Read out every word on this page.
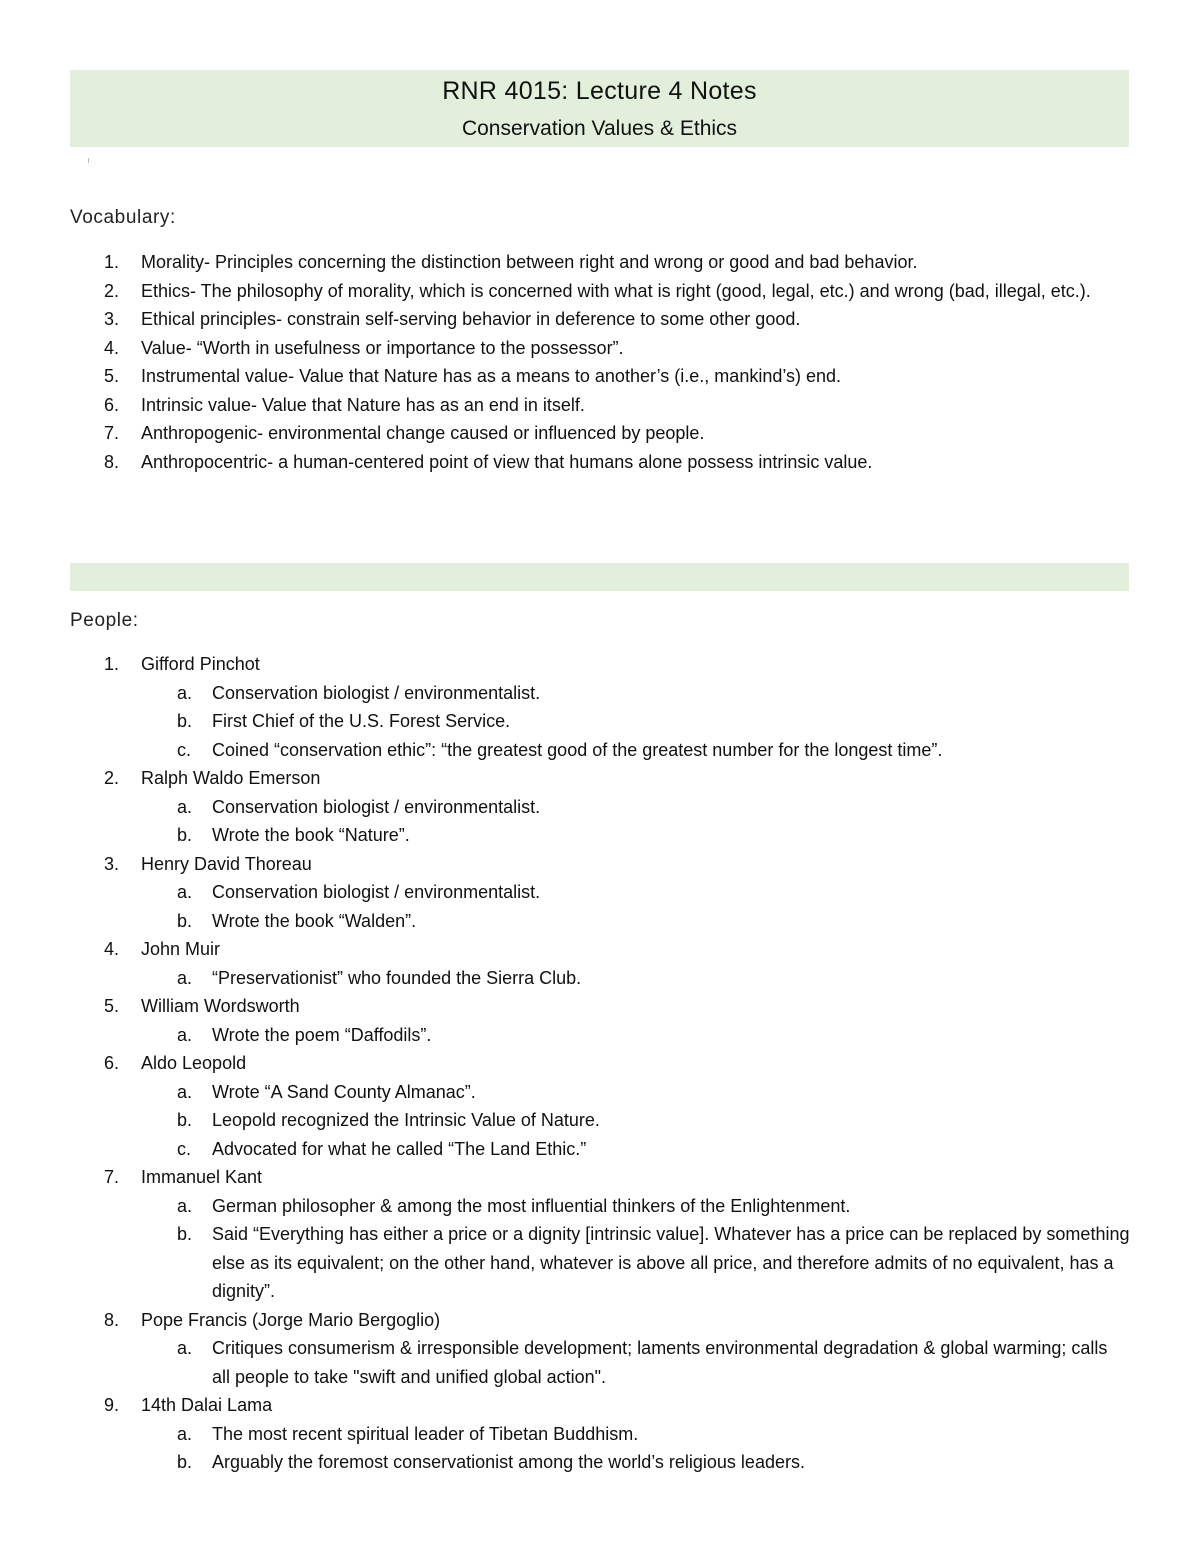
RNR 4015: Lecture 4 Notes
Conservation Values & Ethics
Vocabulary:
1.	Morality- Principles concerning the distinction between right and wrong or good and bad behavior.
2.	Ethics- The philosophy of morality, which is concerned with what is right (good, legal, etc.) and wrong (bad, illegal, etc.).
3.	Ethical principles- constrain self-serving behavior in deference to some other good.
4.	Value- “Worth in usefulness or importance to the possessor”.
5.	Instrumental value- Value that Nature has as a means to another’s (i.e., mankind’s) end.
6.	Intrinsic value- Value that Nature has as an end in itself.
7.	Anthropogenic- environmental change caused or influenced by people.
8.	Anthropocentric- a human-centered point of view that humans alone possess intrinsic value.
People:
1.	Gifford Pinchot
a.	Conservation biologist / environmentalist.
b.	First Chief of the U.S. Forest Service.
c.	Coined “conservation ethic”: “the greatest good of the greatest number for the longest time”.
2.	Ralph Waldo Emerson
a.	Conservation biologist / environmentalist.
b.	Wrote the book “Nature”.
3.	Henry David Thoreau
a.	Conservation biologist / environmentalist.
b.	Wrote the book “Walden”.
4.	John Muir
a.	“Preservationist” who founded the Sierra Club.
5.	William Wordsworth
a.	Wrote the poem “Daffodils”.
6.	Aldo Leopold
a.	Wrote “A Sand County Almanac”.
b.	Leopold recognized the Intrinsic Value of Nature.
c.	Advocated for what he called “The Land Ethic.”
7.	Immanuel Kant
a.	German philosopher & among the most influential thinkers of the Enlightenment.
b.	Said “Everything has either a price or a dignity [intrinsic value]. Whatever has a price can be replaced by something else as its equivalent; on the other hand, whatever is above all price, and therefore admits of no equivalent, has a dignity”.
8.	Pope Francis (Jorge Mario Bergoglio)
a.	Critiques consumerism & irresponsible development; laments environmental degradation & global warming; calls all people to take "swift and unified global action".
9.	14th Dalai Lama
a.	The most recent spiritual leader of Tibetan Buddhism.
b.	Arguably the foremost conservationist among the world’s religious leaders.
